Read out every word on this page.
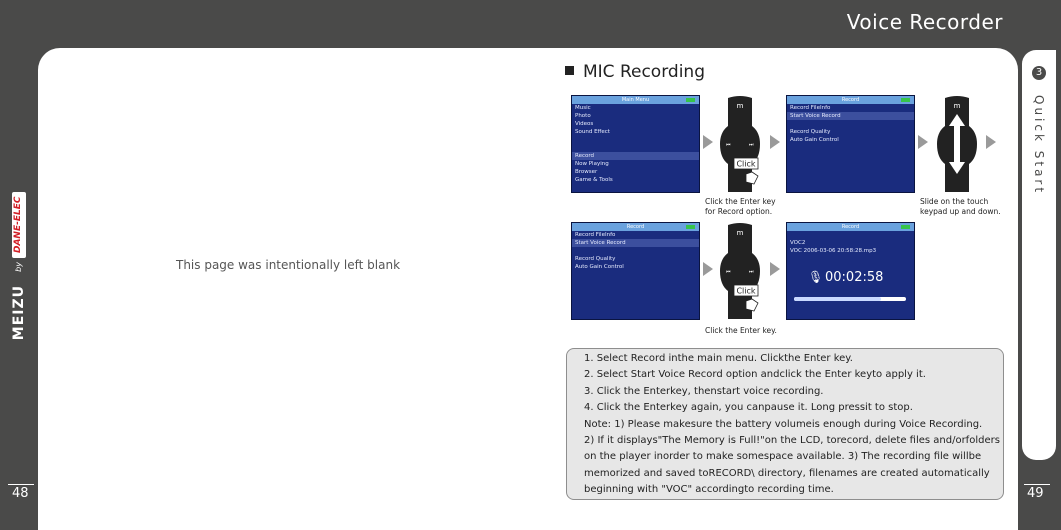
Voice Recorder
3
Quick Start
48	49
DANE-ELEC
by
MEIZU
This page was intentionally left blank
MIC Recording
Main Menu
Music
Photo
Videos
Sound Effect
Record
Now Playing
Browser
Game & Tools
m
⏮	⏭
Click
Record
Record FileInfo
Start Voice Record
Record Quality
Auto Gain Control
m
Click the Enter key
for Record option.
Slide on the touch
keypad up and down.
Record
Record FileInfo
Start Voice Record
Record Quality
Auto Gain Control
m
⏮	⏭
Click
Record
VOC2
VOC 2006-03-06 20:58:28.mp3
🎙 00:02:58
Click the Enter key.
1. Select Record inthe main menu. Clickthe Enter key.
2. Select Start Voice Record option andclick the Enter keyto apply it.
3. Click the Enterkey, thenstart voice recording.
4. Click the Enterkey again, you canpause it. Long pressit to stop.
Note: 1) Please makesure the battery volumeis enough during Voice Recording.
2) If it displays"The Memory is Full!"on the LCD, torecord, delete files and/orfolders
on the player inorder to make somespace available. 3) The recording file willbe
memorized and saved toRECORD\ directory, filenames are created automatically
beginning with "VOC" accordingto recording time.
